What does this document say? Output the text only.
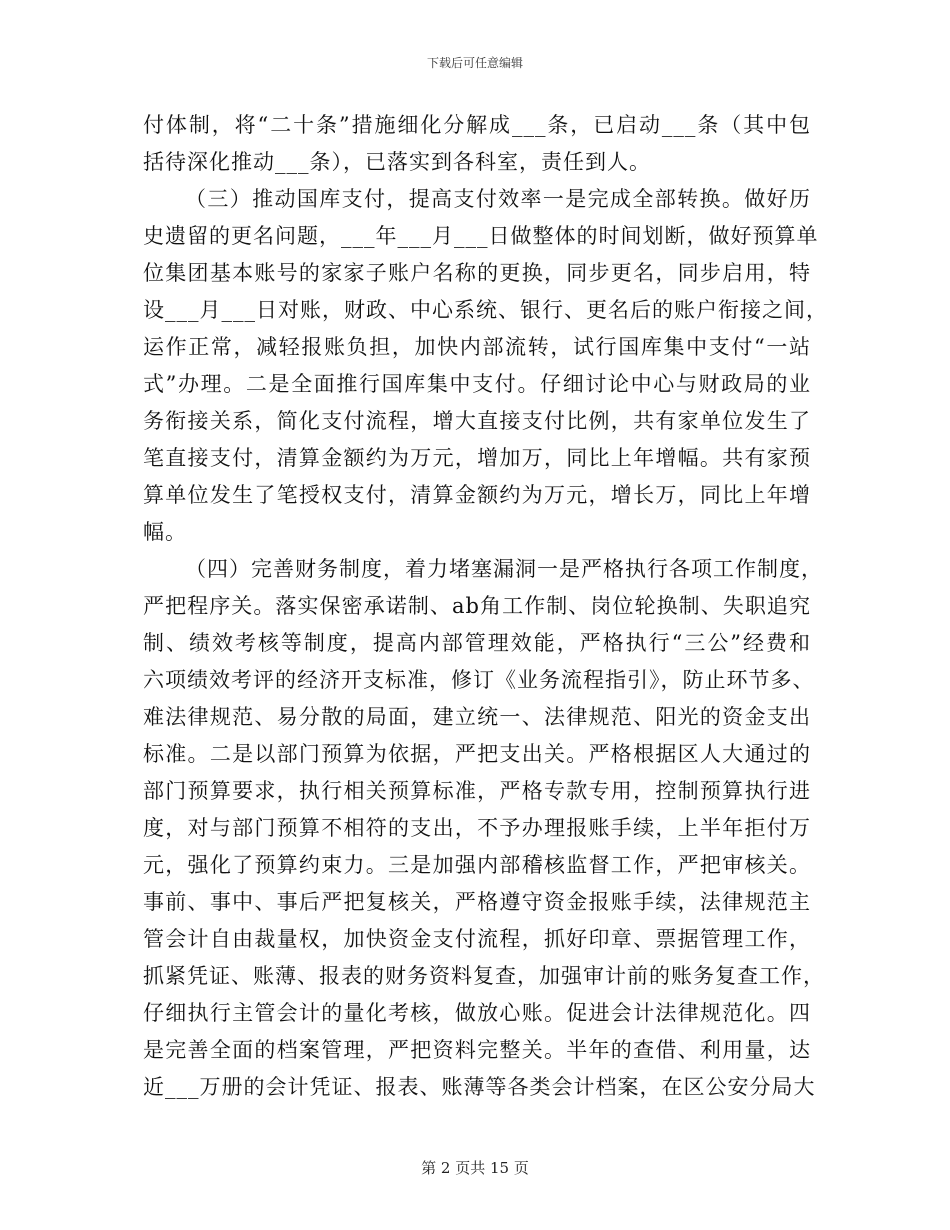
下载后可任意编辑
付体制，将“二十条”措施细化分解成___条，已启动___条（其中包
括待深化推动___条），已落实到各科室，责任到人。
（三）推动国库支付，提高支付效率一是完成全部转换。做好历
史遗留的更名问题，___年___月___日做整体的时间划断，做好预算单
位集团基本账号的家家子账户名称的更换，同步更名，同步启用，特
设___月___日对账，财政、中心系统、银行、更名后的账户衔接之间，
运作正常，减轻报账负担，加快内部流转，试行国库集中支付“一站
式”办理。二是全面推行国库集中支付。仔细讨论中心与财政局的业
务衔接关系，简化支付流程，增大直接支付比例，共有家单位发生了
笔直接支付，清算金额约为万元，增加万，同比上年增幅。共有家预
算单位发生了笔授权支付，清算金额约为万元，增长万，同比上年增
幅。
（四）完善财务制度，着力堵塞漏洞一是严格执行各项工作制度，
严把程序关。落实保密承诺制、ab角工作制、岗位轮换制、失职追究
制、绩效考核等制度，提高内部管理效能，严格执行“三公”经费和
六项绩效考评的经济开支标准，修订《业务流程指引》，防止环节多、
难法律规范、易分散的局面，建立统一、法律规范、阳光的资金支出
标准。二是以部门预算为依据，严把支出关。严格根据区人大通过的
部门预算要求，执行相关预算标准，严格专款专用，控制预算执行进
度，对与部门预算不相符的支出，不予办理报账手续，上半年拒付万
元，强化了预算约束力。三是加强内部稽核监督工作，严把审核关。
事前、事中、事后严把复核关，严格遵守资金报账手续，法律规范主
管会计自由裁量权，加快资金支付流程，抓好印章、票据管理工作，
抓紧凭证、账薄、报表的财务资料复查，加强审计前的账务复查工作，
仔细执行主管会计的量化考核，做放心账。促进会计法律规范化。四
是完善全面的档案管理，严把资料完整关。半年的查借、利用量，达
近___万册的会计凭证、报表、账薄等各类会计档案，在区公安分局大
第 2 页共 15 页
